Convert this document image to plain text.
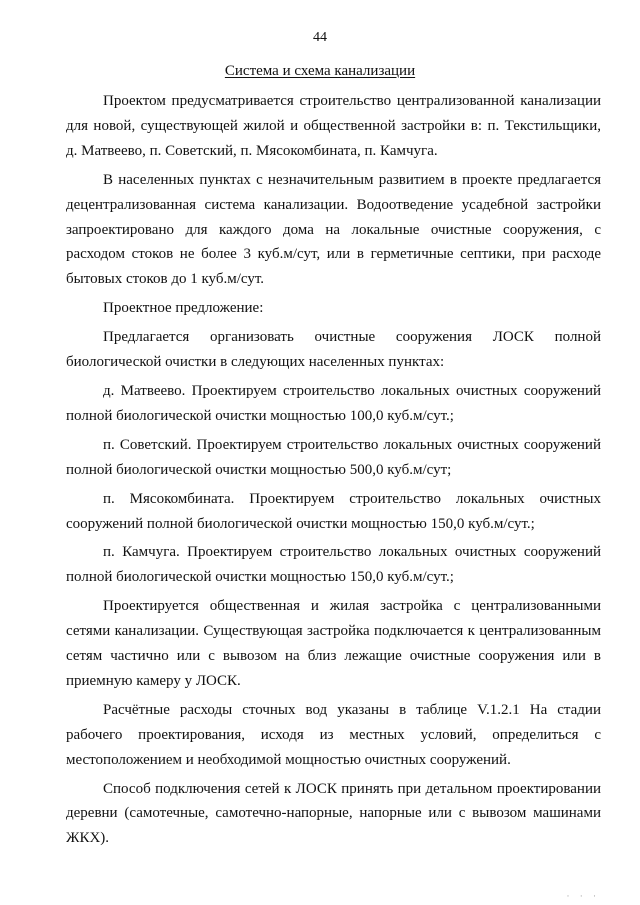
44
Система и схема канализации

Проектом предусматривается строительство централизованной канализации для новой, существующей жилой и общественной застройки в: п. Текстильщики, д. Матвеево, п. Советский, п. Мясокомбината, п. Камчуга.

В населенных пунктах с незначительным развитием в проекте предлагается децентрализованная система канализации. Водоотведение усадебной застройки запроектировано для каждого дома на локальные очистные сооружения, с расходом стоков не более 3 куб.м/сут, или в герметичные септики, при расходе бытовых стоков до 1 куб.м/сут.

Проектное предложение:

Предлагается организовать очистные сооружения ЛОСК полной биологической очистки в следующих населенных пунктах:

д. Матвеево. Проектируем строительство локальных очистных сооружений полной биологической очистки мощностью 100,0 куб.м/сут.;

п. Советский. Проектируем строительство локальных очистных сооружений полной биологической очистки мощностью 500,0 куб.м/сут;

п. Мясокомбината. Проектируем строительство локальных очистных сооружений полной биологической очистки мощностью 150,0 куб.м/сут.;

п. Камчуга. Проектируем строительство локальных очистных сооружений полной биологической очистки мощностью 150,0 куб.м/сут.;

Проектируется общественная и жилая застройка с централизованными сетями канализации. Существующая застройка подключается к централизованным сетям частично или с вывозом на близ лежащие очистные сооружения или в приемную камеру у ЛОСК.

Расчётные расходы сточных вод указаны в таблице V.1.2.1 На стадии рабочего проектирования, исходя из местных условий, определиться с местоположением и необходимой мощностью очистных сооружений.

Способ подключения сетей к ЛОСК принять при детальном проектировании деревни (самотечные, самотечно-напорные, напорные или с вывозом машинами ЖКХ).

· · ·
